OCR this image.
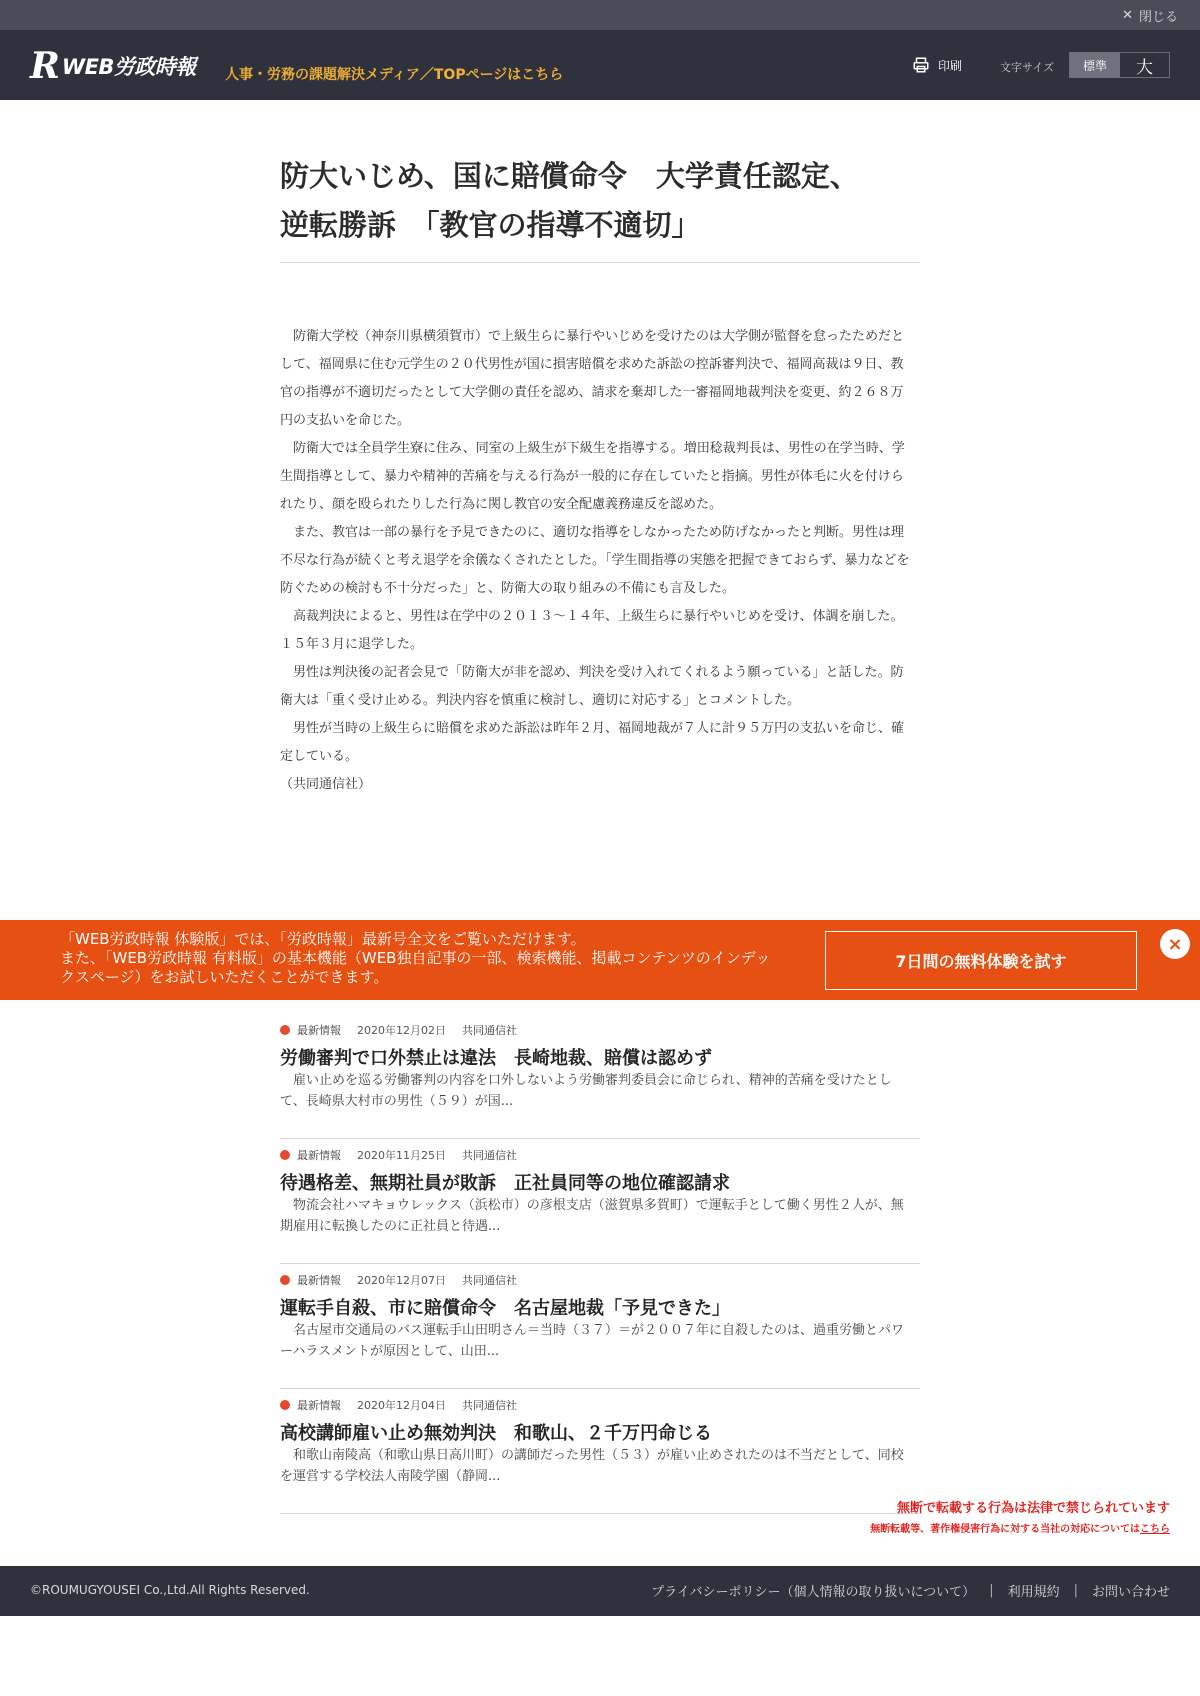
✕ 閉じる
R WEB労政時報 人事・労務の課題解決メディア／TOPページはこちら
印刷	文字サイズ	標準	大
防大いじめ、国に賠償命令　大学責任認定、
逆転勝訴　「教官の指導不適切」

防衛大学校（神奈川県横須賀市）で上級生らに暴行やいじめを受けたのは大学側が監督を怠ったためだとして、福岡県に住む元学生の２０代男性が国に損害賠償を求めた訴訟の控訴審判決で、福岡高裁は９日、教官の指導が不適切だったとして大学側の責任を認め、請求を棄却した一審福岡地裁判決を変更、約２６８万円の支払いを命じた。

防衛大では全員学生寮に住み、同室の上級生が下級生を指導する。増田稔裁判長は、男性の在学当時、学生間指導として、暴力や精神的苦痛を与える行為が一般的に存在していたと指摘。男性が体毛に火を付けられたり、顔を殴られたりした行為に関し教官の安全配慮義務違反を認めた。

また、教官は一部の暴行を予見できたのに、適切な指導をしなかったため防げなかったと判断。男性は理不尽な行為が続くと考え退学を余儀なくされたとした。「学生間指導の実態を把握できておらず、暴力などを防ぐための検討も不十分だった」と、防衛大の取り組みの不備にも言及した。

高裁判決によると、男性は在学中の２０１３～１４年、上級生らに暴行やいじめを受け、体調を崩した。１５年３月に退学した。

男性は判決後の記者会見で「防衛大が非を認め、判決を受け入れてくれるよう願っている」と話した。防衛大は「重く受け止める。判決内容を慎重に検討し、適切に対応する」とコメントした。

男性が当時の上級生らに賠償を求めた訴訟は昨年２月、福岡地裁が７人に計９５万円の支払いを命じ、確定している。

（共同通信社）

「WEB労政時報 体験版」では、「労政時報」最新号全文をご覧いただけます。
また、「WEB労政時報 有料版」の基本機能（WEB独自記事の一部、検索機能、掲載コンテンツのインデックスページ）をお試しいただくことができます。
7日間の無料体験を試す
×
最新情報 2020年12月02日 共同通信社
労働審判で口外禁止は違法　長崎地裁、賠償は認めず
雇い止めを巡る労働審判の内容を口外しないよう労働審判委員会に命じられ、精神的苦痛を受けたとして、長崎県大村市の男性（５９）が国...
最新情報 2020年11月25日 共同通信社
待遇格差、無期社員が敗訴　正社員同等の地位確認請求
物流会社ハマキョウレックス（浜松市）の彦根支店（滋賀県多賀町）で運転手として働く男性２人が、無期雇用に転換したのに正社員と待遇...
最新情報 2020年12月07日 共同通信社
運転手自殺、市に賠償命令　名古屋地裁「予見できた」
名古屋市交通局のバス運転手山田明さん＝当時（３７）＝が２００７年に自殺したのは、過重労働とパワーハラスメントが原因として、山田...
最新情報 2020年12月04日 共同通信社
高校講師雇い止め無効判決　和歌山、２千万円命じる
和歌山南陵高（和歌山県日高川町）の講師だった男性（５３）が雇い止めされたのは不当だとして、同校を運営する学校法人南陵学園（静岡...
無断で転載する行為は法律で禁じられています
無断転載等、著作権侵害行為に対する当社の対応についてはこちら
©ROUMUGYOUSEI Co.,Ltd.All Rights Reserved.	プライバシーポリシー（個人情報の取り扱いについて） | 利用規約 | お問い合わせ
